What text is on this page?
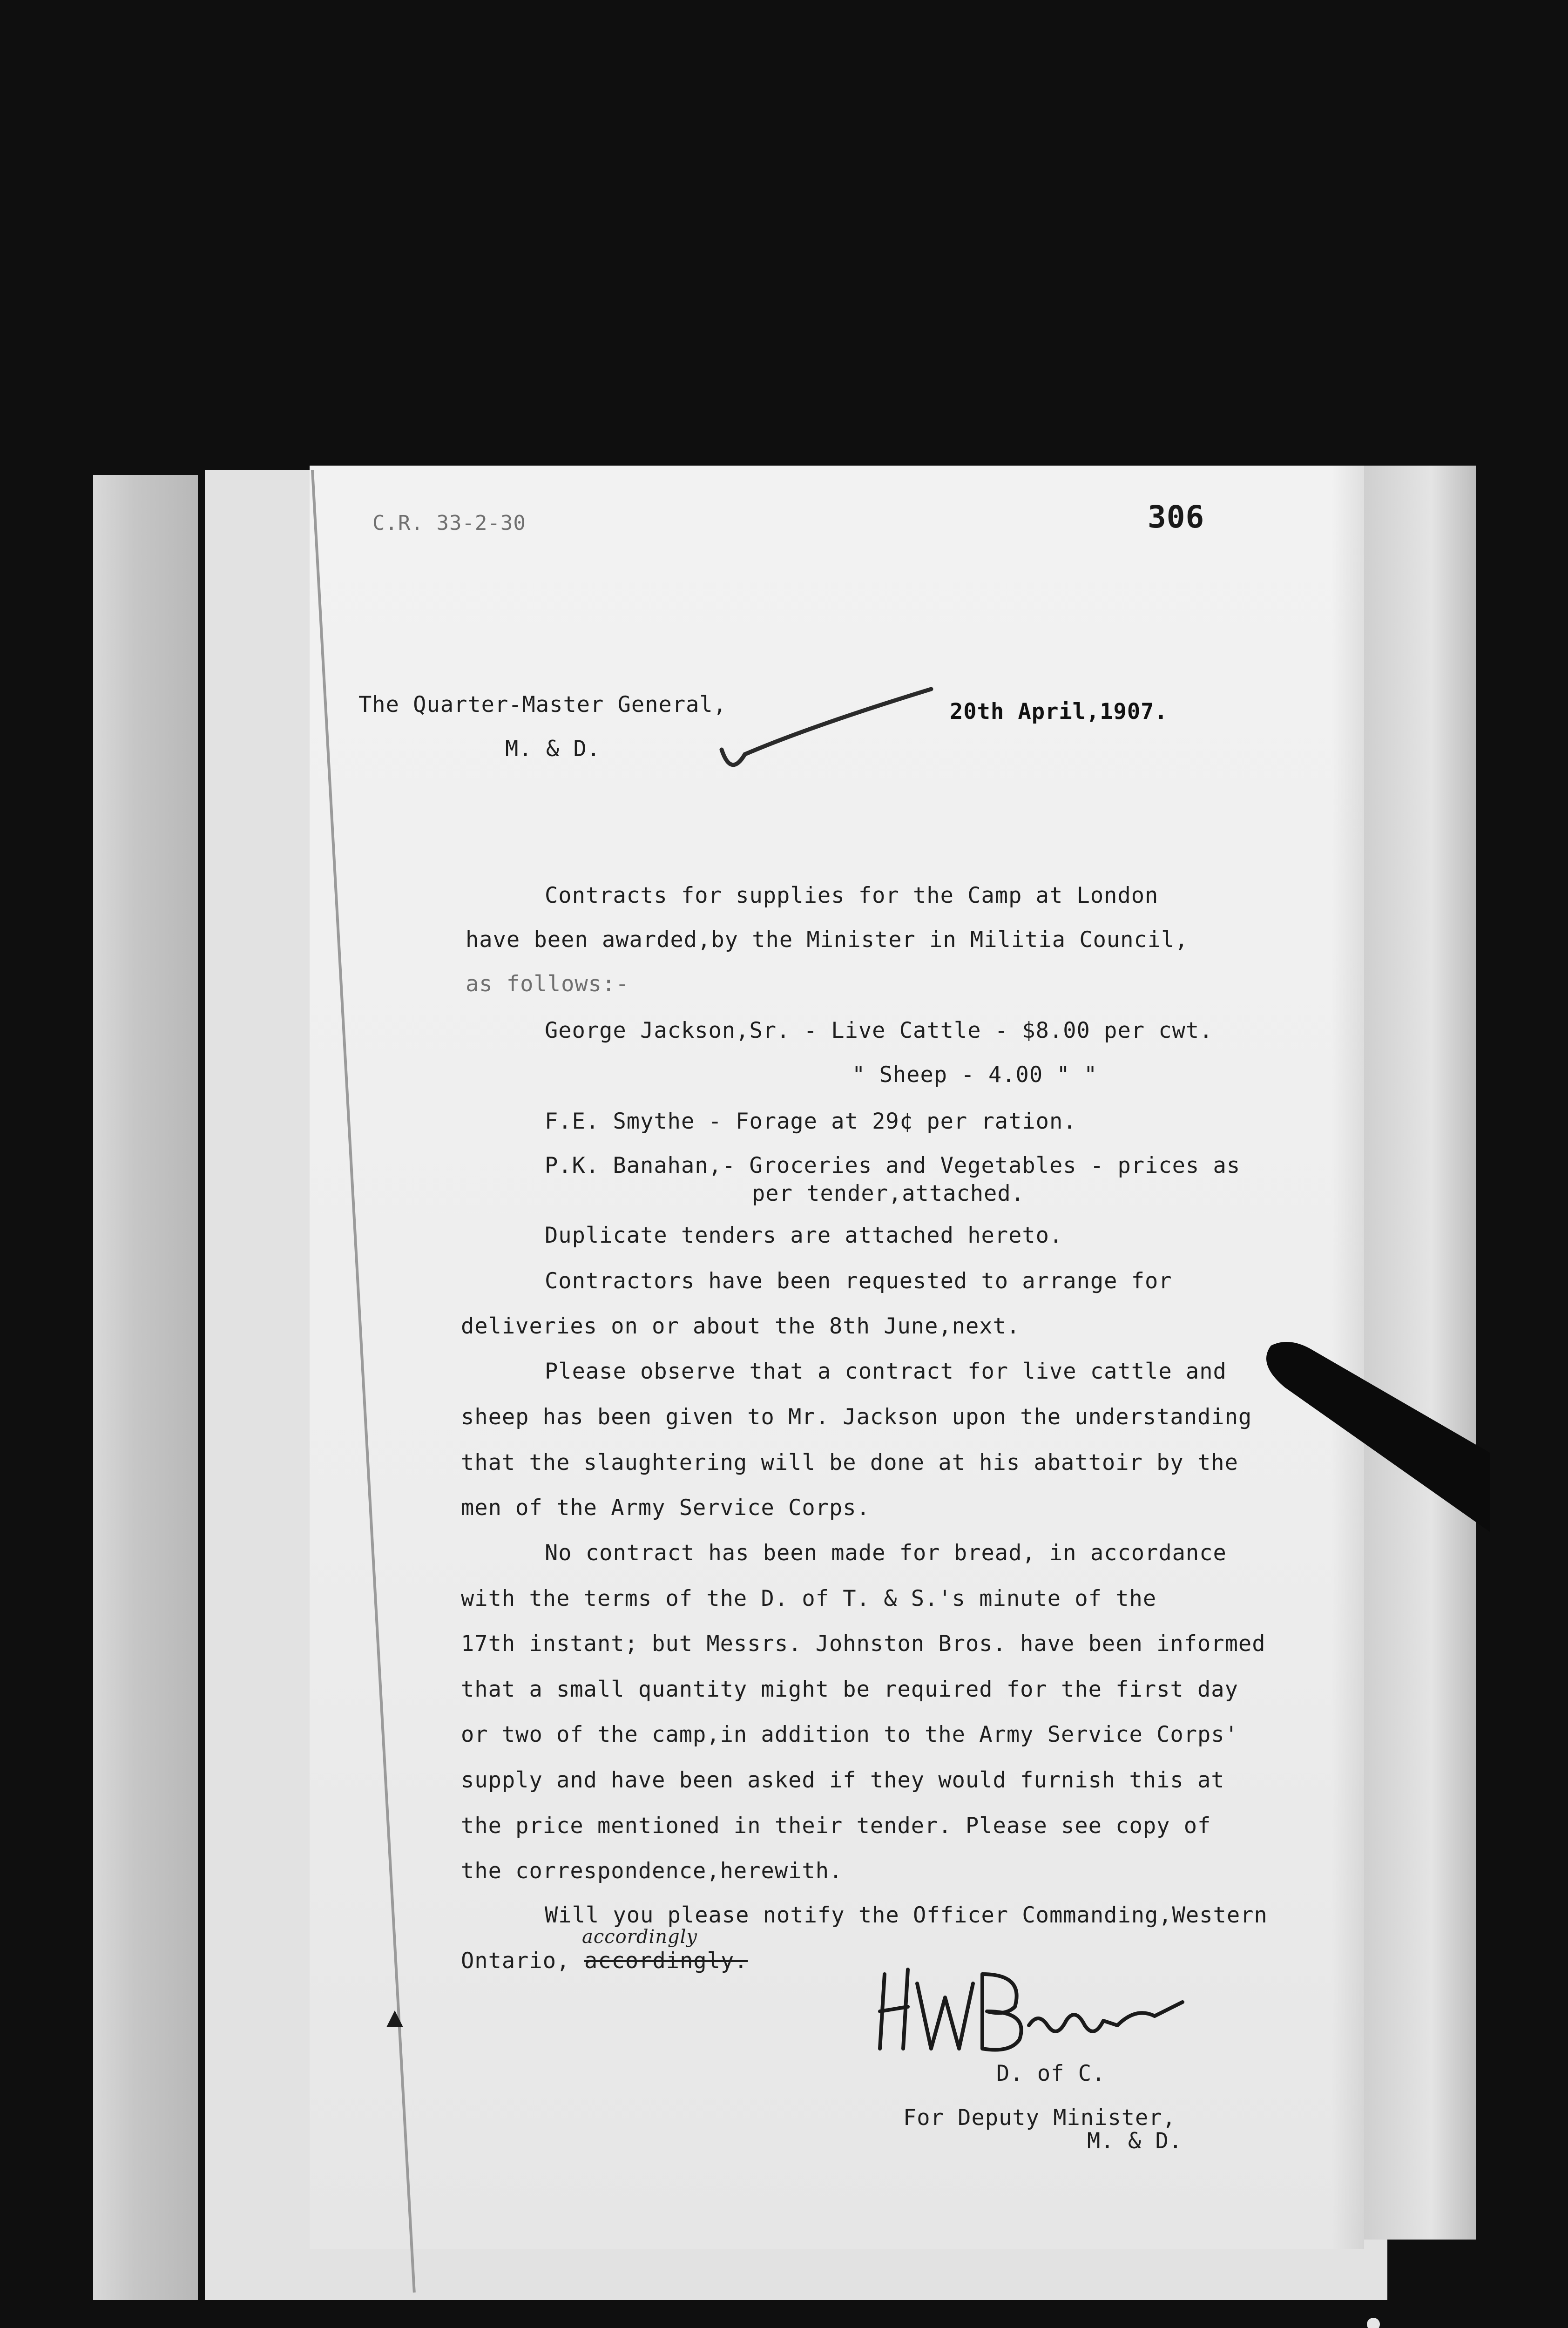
C.R. 33-2-30	306
The Quarter-Master General,
M. & D.
20th April,1907.
Contracts for supplies for the Camp at London
have been awarded,by the Minister in Militia Council,
as follows:-
George Jackson,Sr. - Live Cattle - $8.00 per cwt.
" Sheep - 4.00 " "
F.E. Smythe - Forage at 29¢ per ration.
P.K. Banahan,- Groceries and Vegetables - prices as
per tender,attached.
Duplicate tenders are attached hereto.
Contractors have been requested to arrange for
deliveries on or about the 8th June,next.
Please observe that a contract for live cattle and
sheep has been given to Mr. Jackson upon the understanding
that the slaughtering will be done at his abattoir by the
men of the Army Service Corps.
No contract has been made for bread, in accordance
with the terms of the D. of T. & S.'s minute of the
17th instant; but Messrs. Johnston Bros. have been informed
that a small quantity might be required for the first day
or two of the camp,in addition to the Army Service Corps'
supply and have been asked if they would furnish this at
the price mentioned in their tender. Please see copy of
the correspondence,herewith.
Will you please notify the Officer Commanding,Western
Ontario, accordingly.
accordingly
D. of C.
For Deputy Minister,
M. & D.
